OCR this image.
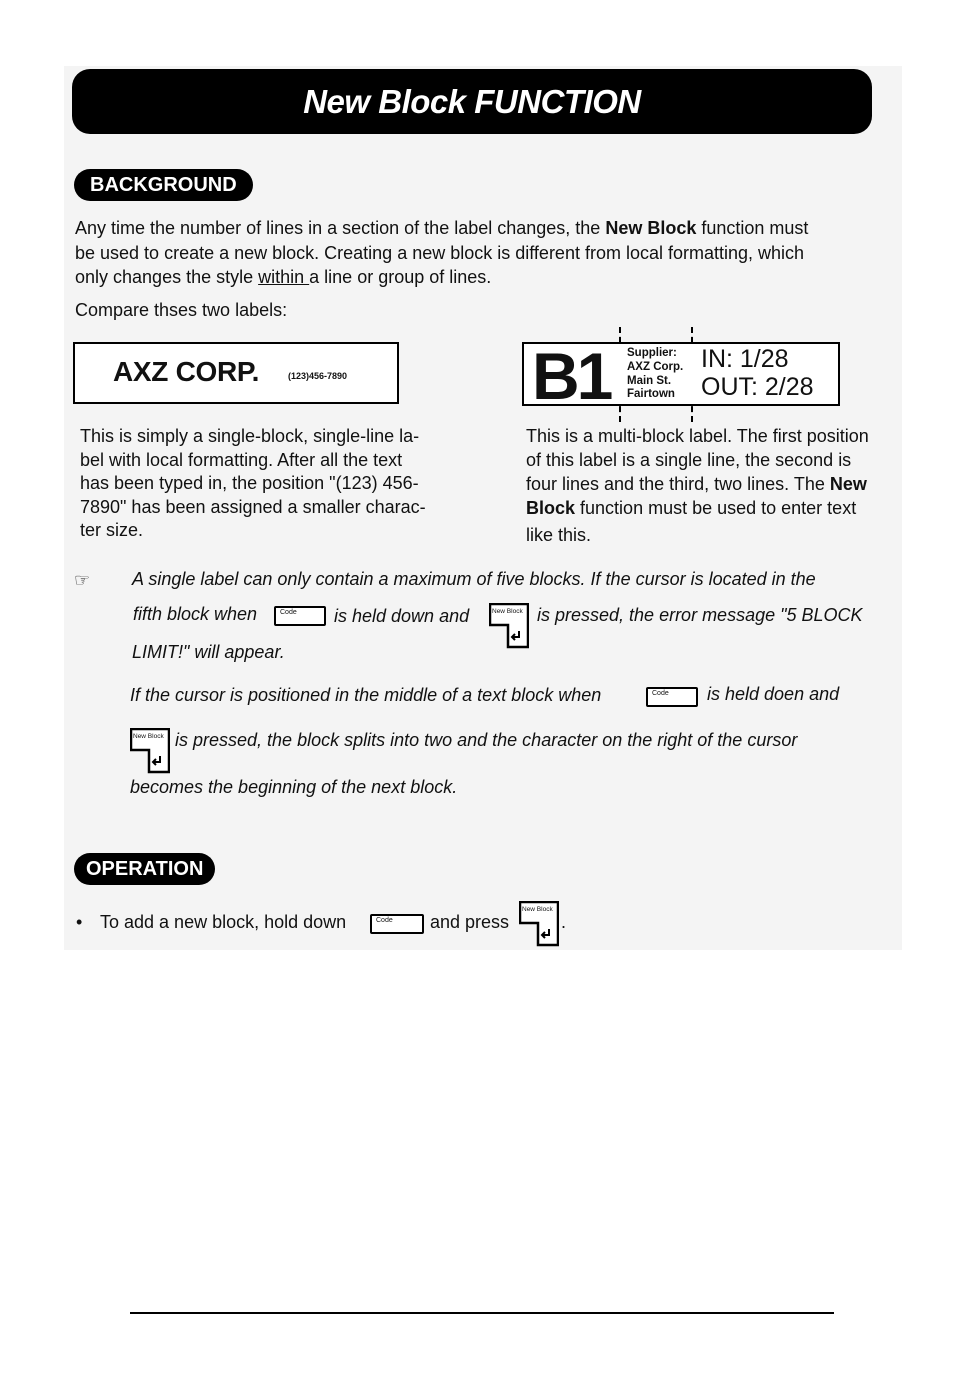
New Block FUNCTION
BACKGROUND
Any time the number of lines in a section of the label changes, the New Block function must
be used to create a new block. Creating a new block is different from local formatting, which
only changes the style within a line or group of lines.
Compare thses two labels:
AXZ CORP.	(123)456-7890
This is simply a single-block, single-line la-
bel with local formatting. After all the text
has been typed in, the position "(123) 456-
7890" has been assigned a smaller charac-
ter size.
B1 Supplier:
AXZ Corp.
Main St.
Fairtown
IN: 1/28
OUT: 2/28
This is a multi-block label. The first position
of this label is a single line, the second is
four lines and the third, two lines. The New
Block function must be used to enter text
like this.
☞ A single label can only contain a maximum of five blocks. If the cursor is located in the
fifth block when	Code is held down and	New Block is pressed, the error message "5 BLOCK
LIMIT!" will appear.
If the cursor is positioned in the middle of a text block when	Code is held doen and
New Block is pressed, the block splits into two and the character on the right of the cursor
becomes the beginning of the next block.
OPERATION
• To add a new block, hold down	Code and press
New Block
.
